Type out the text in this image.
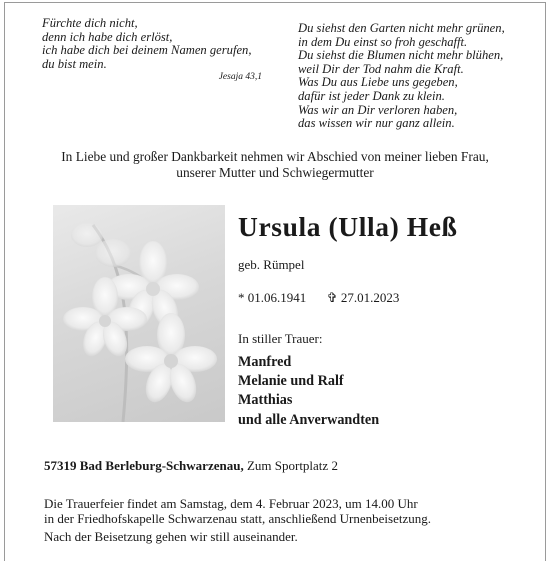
Fürchte dich nicht,
denn ich habe dich erlöst,
ich habe dich bei deinem Namen gerufen,
du bist mein.
Jesaja 43,1
Du siehst den Garten nicht mehr grünen,
in dem Du einst so froh geschafft.
Du siehst die Blumen nicht mehr blühen,
weil Dir der Tod nahm die Kraft.
Was Du aus Liebe uns gegeben,
dafür ist jeder Dank zu klein.
Was wir an Dir verloren haben,
das wissen wir nur ganz allein.
In Liebe und großer Dankbarkeit nehmen wir Abschied von meiner lieben Frau,
unserer Mutter und Schwiegermutter
Ursula (Ulla) Heß
geb. Rümpel
* 01.06.1941 ✞ 27.01.2023
In stiller Trauer:
Manfred
Melanie und Ralf
Matthias
und alle Anverwandten
57319 Bad Berleburg-Schwarzenau, Zum Sportplatz 2
Die Trauerfeier findet am Samstag, dem 4. Februar 2023, um 14.00 Uhr
in der Friedhofskapelle Schwarzenau statt, anschließend Urnenbeisetzung.
Nach der Beisetzung gehen wir still auseinander.
